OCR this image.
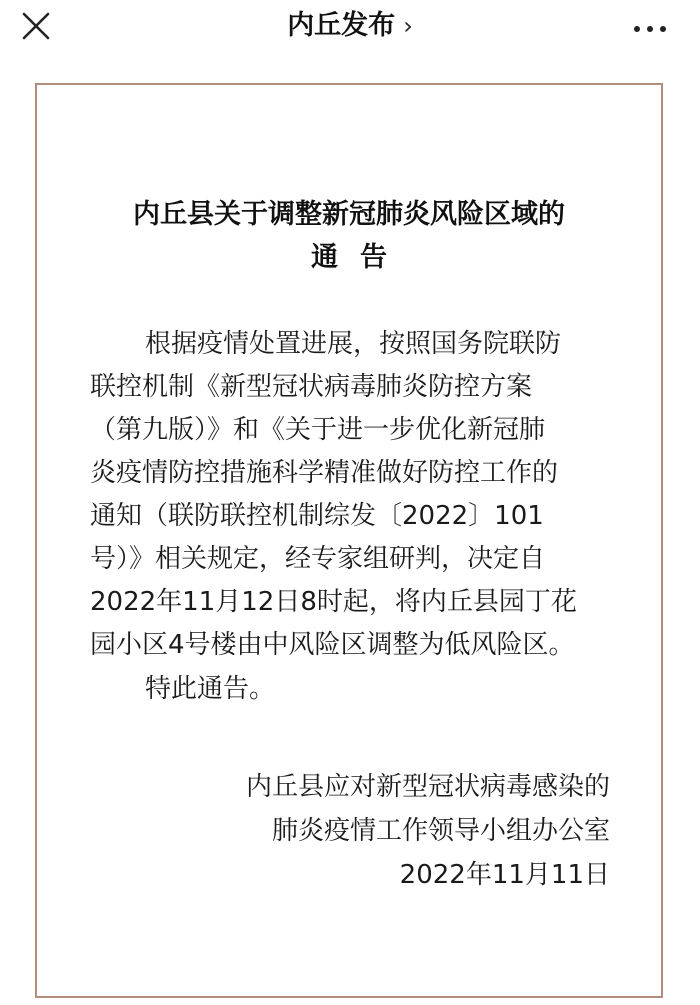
内丘发布 ›
内丘县关于调整新冠肺炎风险区域的
通告
根据疫情处置进展，按照国务院联防
联控机制《新型冠状病毒肺炎防控方案
（第九版）》和《关于进一步优化新冠肺
炎疫情防控措施科学精准做好防控工作的
通知（联防联控机制综发〔2022〕101
号）》相关规定，经专家组研判，决定自
2022年11月12日8时起，将内丘县园丁花
园小区4号楼由中风险区调整为低风险区。
特此通告。
内丘县应对新型冠状病毒感染的
肺炎疫情工作领导小组办公室
2022年11月11日
